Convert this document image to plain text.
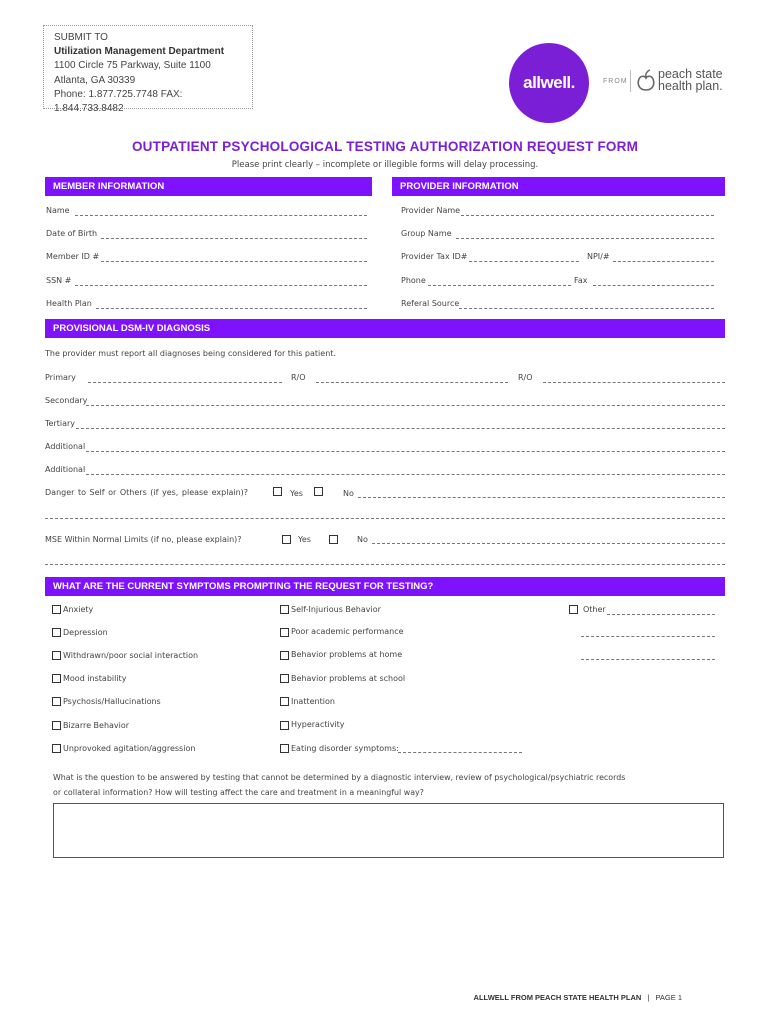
SUBMIT TO
Utilization Management Department
1100 Circle 75 Parkway, Suite 1100
Atlanta, GA 30339
Phone: 1.877.725.7748 FAX: 1.844.733.8482
allwell.	FROM
peach state
health plan.
OUTPATIENT PSYCHOLOGICAL TESTING AUTHORIZATION REQUEST FORM
Please print clearly – incomplete or illegible forms will delay processing.
MEMBER INFORMATION	PROVIDER INFORMATION
Name
Date of Birth
Member ID #
SSN #
Health Plan
Provider Name
Group Name
Provider Tax ID#	NPI/#
Phone	Fax
Referal Source
PROVISIONAL DSM-IV DIAGNOSIS
The provider must report all diagnoses being considered for this patient.
Primary	R/O	R/O
Secondary
Tertiary
Additional
Additional
Danger to Self or Others (if yes, please explain)?	Yes	No
MSE Within Normal Limits (if no, please explain)?	Yes	No
WHAT ARE THE CURRENT SYMPTOMS PROMPTING THE REQUEST FOR TESTING?
Anxiety
Depression
Withdrawn/poor social interaction
Mood instability
Psychosis/Hallucinations
Bizarre Behavior
Unprovoked agitation/aggression
Self-Injurious Behavior
Poor academic performance
Behavior problems at home
Behavior problems at school
Inattention
Hyperactivity
Eating disorder symptoms:
Other
What is the question to be answered by testing that cannot be determined by a diagnostic interview, review of psychological/psychiatric records
or collateral information? How will testing affect the care and treatment in a meaningful way?
ALLWELL FROM PEACH STATE HEALTH PLAN | PAGE 1
